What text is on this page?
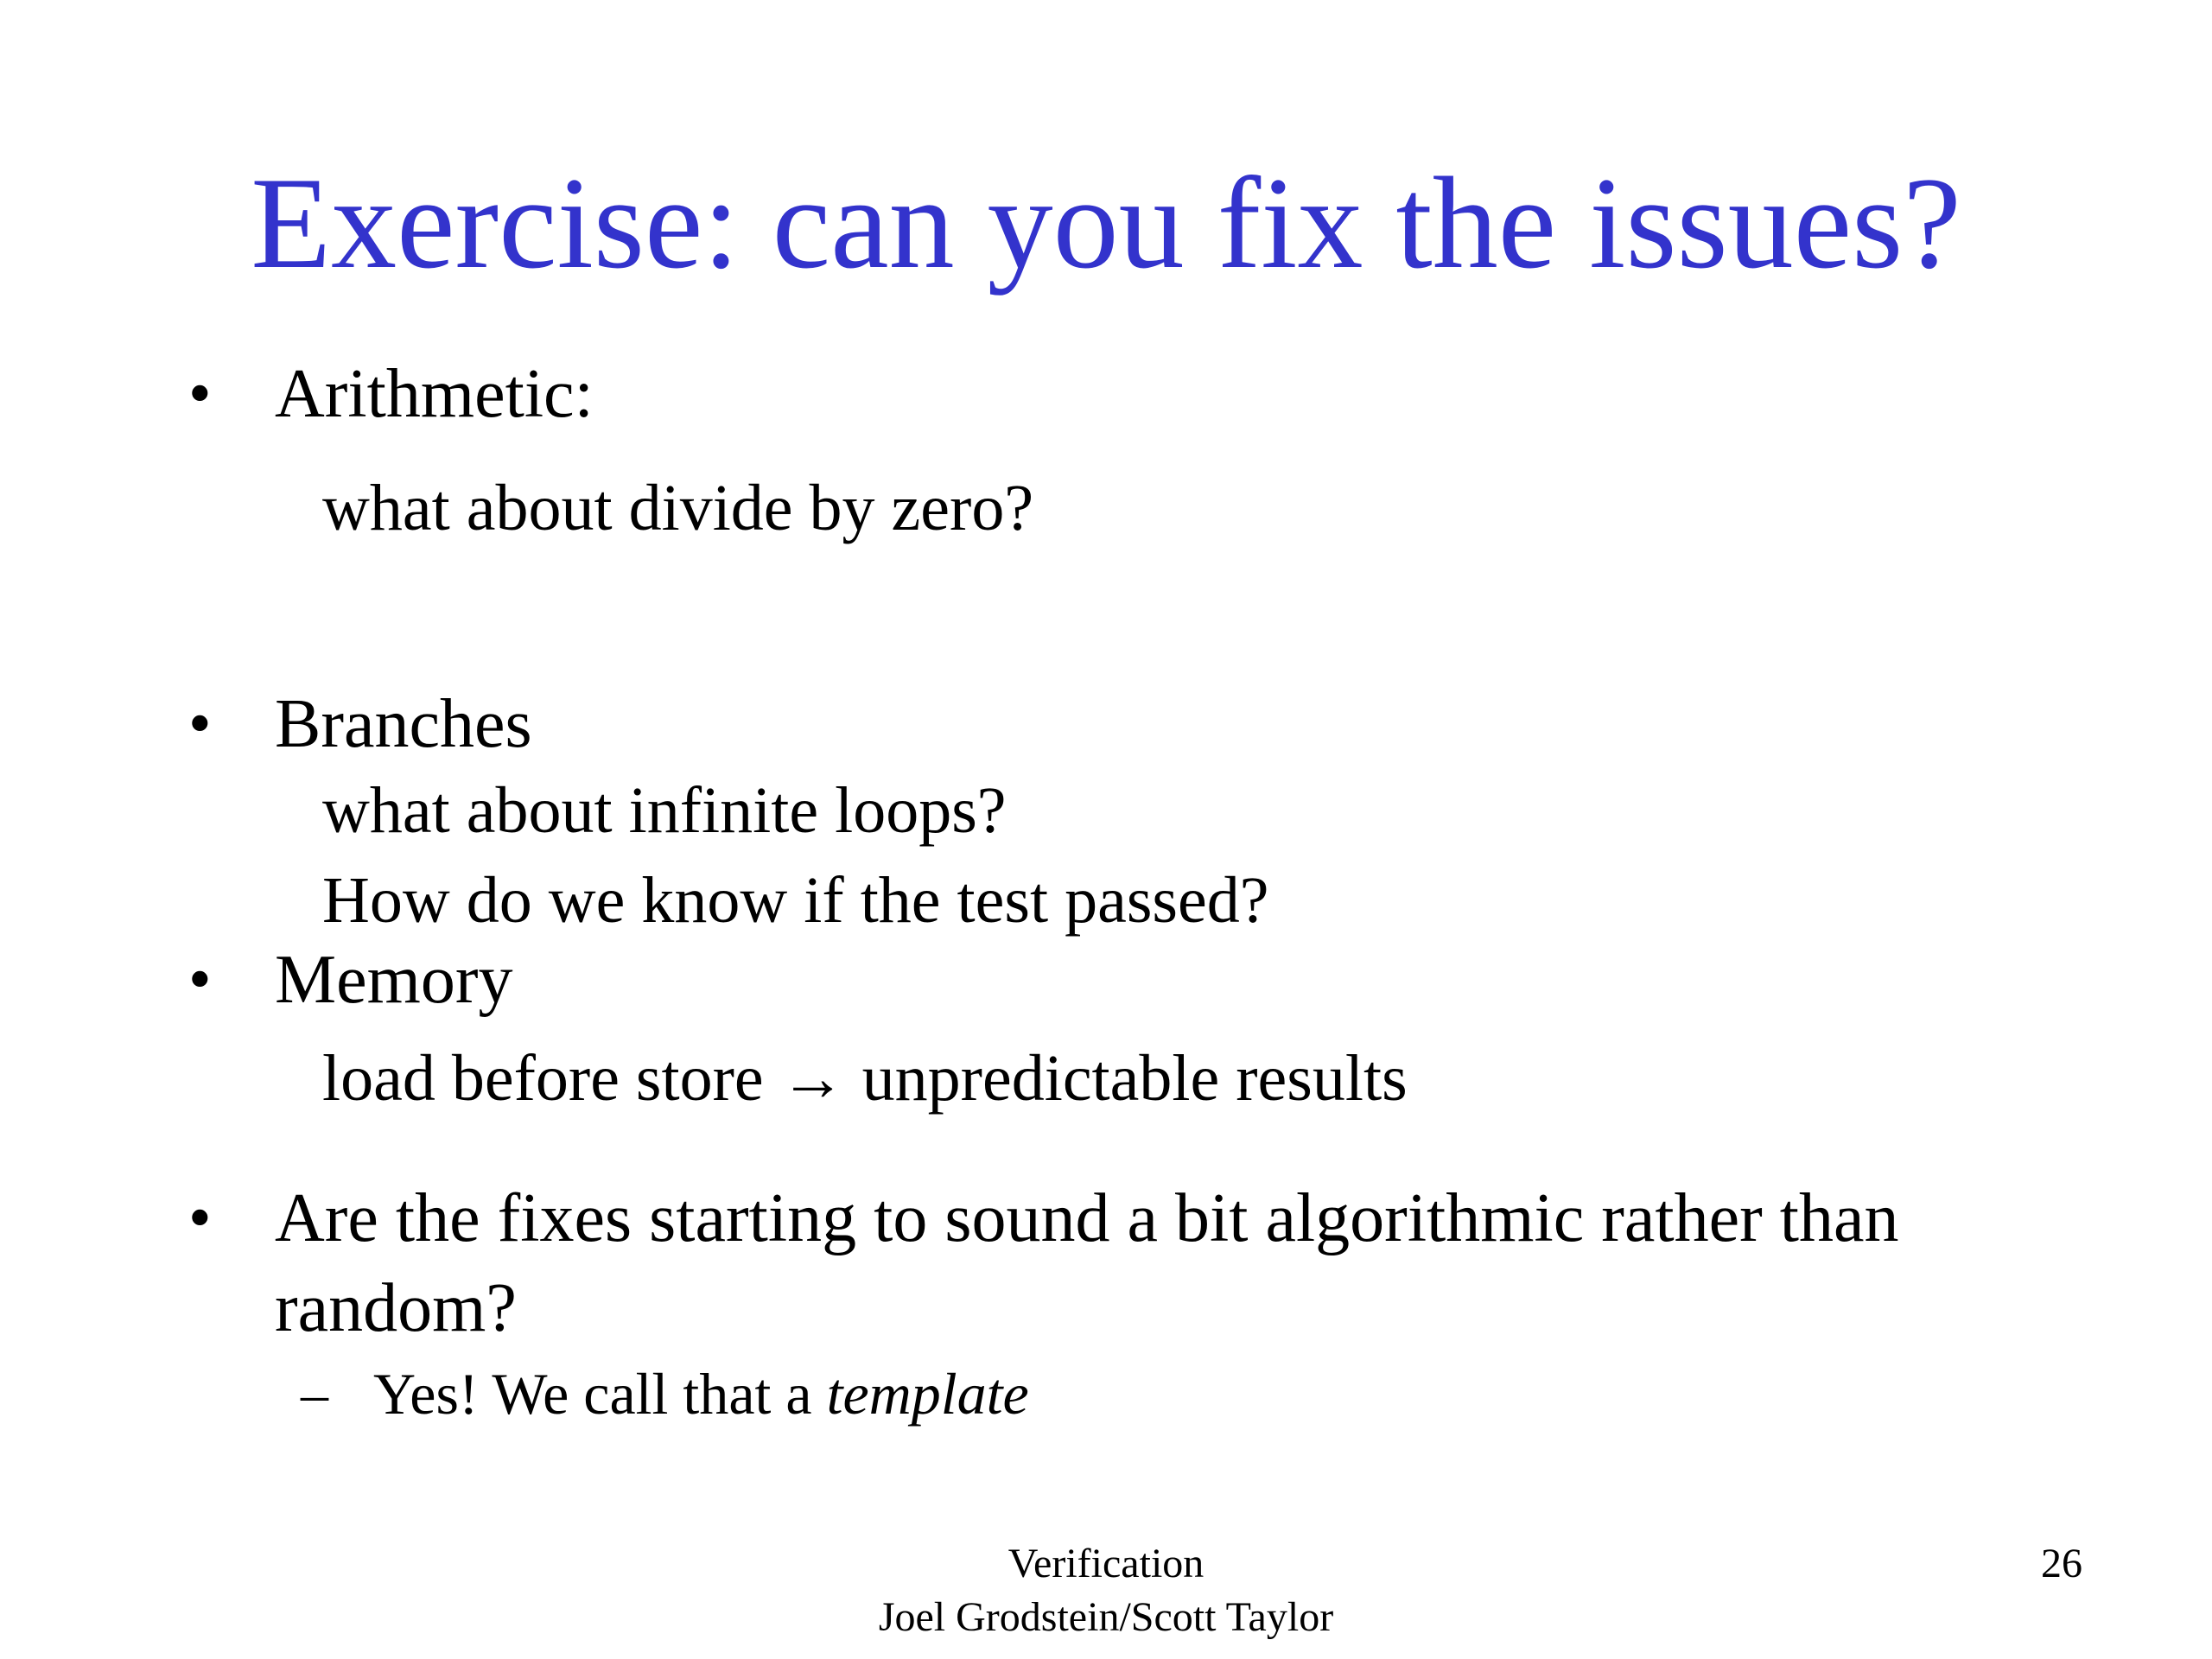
Exercise: can you fix the issues?
• Arithmetic:
what about divide by zero?
• Branches
what about infinite loops?
How do we know if the test passed?
• Memory
load before store → unpredictable results
• Are the fixes starting to sound a bit algorithmic rather than
random?
– Yes! We call that a template
Verification
Joel Grodstein/Scott Taylor
26
